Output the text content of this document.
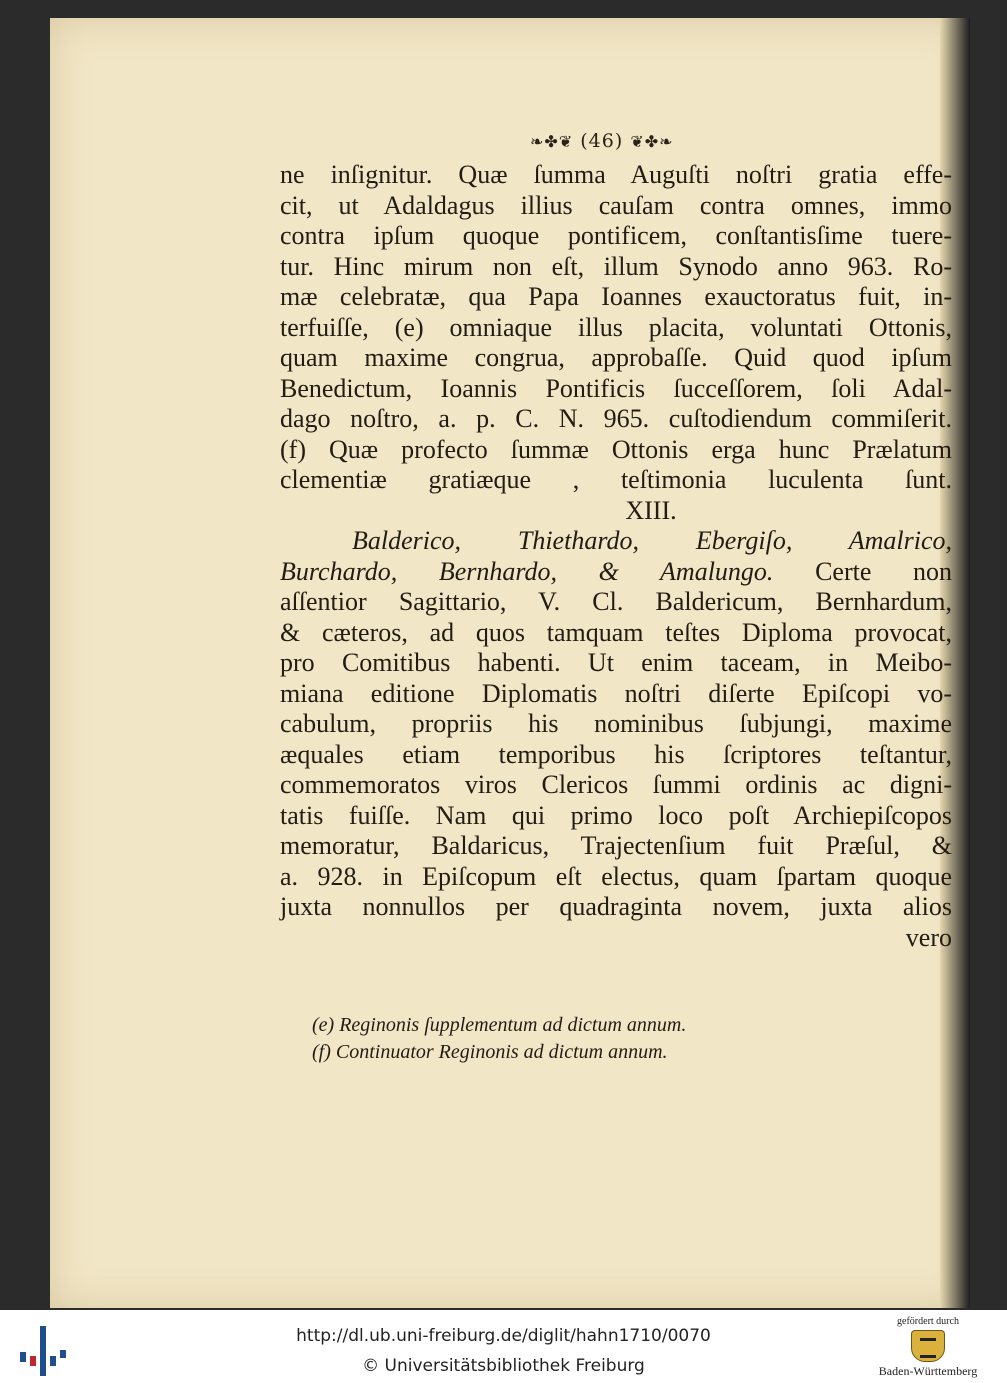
❧✤❦ (46) ❦✤❧
ne inſignitur. Quæ ſumma Auguſti noſtri gratia effe-
cit, ut Adaldagus illius cauſam contra omnes, immo
contra ipſum quoque pontificem, conſtantisſime tuere-
tur. Hinc mirum non eſt, illum Synodo anno 963. Ro-
mæ celebratæ, qua Papa Ioannes exauctoratus fuit, in-
terfuiſſe, (e) omniaque illus placita, voluntati Ottonis,
quam maxime congrua, approbaſſe. Quid quod ipſum
Benedictum, Ioannis Pontificis ſucceſſorem, ſoli Adal-
dago noſtro, a. p. C. N. 965. cuſtodiendum commiſerit.
(f) Quæ profecto ſummæ Ottonis erga hunc Prælatum
clementiæ gratiæque , teſtimonia luculenta ſunt.
XIII.
Balderico, Thiethardo, Ebergiſo, Amalrico,
Burchardo, Bernhardo, & Amalungo. Certe non
aſſentior Sagittario, V. Cl. Baldericum, Bernhardum,
& cæteros, ad quos tamquam teſtes Diploma provocat,
pro Comitibus habenti. Ut enim taceam, in Meibo-
miana editione Diplomatis noſtri diſerte Epiſcopi vo-
cabulum, propriis his nominibus ſubjungi, maxime
æquales etiam temporibus his ſcriptores teſtantur,
commemoratos viros Clericos ſummi ordinis ac digni-
tatis fuiſſe. Nam qui primo loco poſt Archiepiſcopos
memoratur, Baldaricus, Trajectenſium fuit Præſul, &
a. 928. in Epiſcopum eſt electus, quam ſpartam quoque
juxta nonnullos per quadraginta novem, juxta alios
vero
(e) Reginonis ſupplementum ad dictum annum.
(f) Continuator Reginonis ad dictum annum.
http://dl.ub.uni-freiburg.de/diglit/hahn1710/0070
© Universitätsbibliothek Freiburg
gefördert durch
Baden-Württemberg
